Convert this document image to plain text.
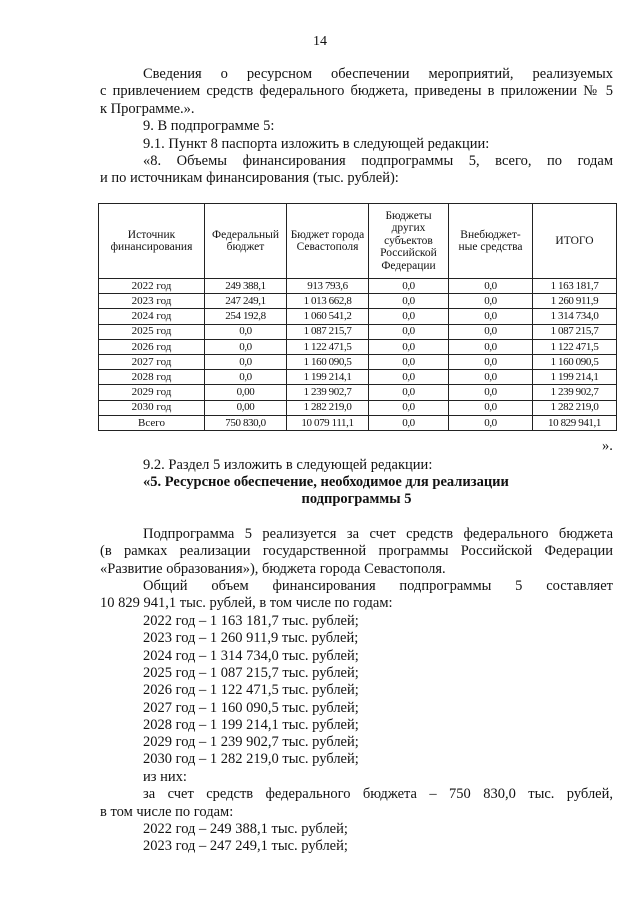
14
Сведения о ресурсном обеспечении мероприятий, реализуемых
с привлечением средств федерального бюджета, приведены в приложении № 5
к Программе.».
9. В подпрограмме 5:
9.1. Пункт 8 паспорта изложить в следующей редакции:
«8. Объемы финансирования подпрограммы 5, всего, по годам
и по источникам финансирования (тыс. рублей):
Источник финансирования	Федеральный бюджет	Бюджет города Севастополя	Бюджеты других субъектов Российской Федерации	Внебюджет-ные средства	ИТОГО
2022 год	249 388,1	913 793,6	0,0	0,0	1 163 181,7
2023 год	247 249,1	1 013 662,8	0,0	0,0	1 260 911,9
2024 год	254 192,8	1 060 541,2	0,0	0,0	1 314 734,0
2025 год	0,0	1 087 215,7	0,0	0,0	1 087 215,7
2026 год	0,0	1 122 471,5	0,0	0,0	1 122 471,5
2027 год	0,0	1 160 090,5	0,0	0,0	1 160 090,5
2028 год	0,0	1 199 214,1	0,0	0,0	1 199 214,1
2029 год	0,00	1 239 902,7	0,0	0,0	1 239 902,7
2030 год	0,00	1 282 219,0	0,0	0,0	1 282 219,0
Всего	750 830,0	10 079 111,1	0,0	0,0	10 829 941,1
».
9.2. Раздел 5 изложить в следующей редакции:
«5. Ресурсное обеспечение, необходимое для реализации
подпрограммы 5
Подпрограмма 5 реализуется за счет средств федерального бюджета
(в рамках реализации государственной программы Российской Федерации
«Развитие образования»), бюджета города Севастополя.
Общий объем финансирования подпрограммы 5 составляет
10 829 941,1 тыс. рублей, в том числе по годам:
2022 год – 1 163 181,7 тыс. рублей;
2023 год – 1 260 911,9 тыс. рублей;
2024 год – 1 314 734,0 тыс. рублей;
2025 год – 1 087 215,7 тыс. рублей;
2026 год – 1 122 471,5 тыс. рублей;
2027 год – 1 160 090,5 тыс. рублей;
2028 год – 1 199 214,1 тыс. рублей;
2029 год – 1 239 902,7 тыс. рублей;
2030 год – 1 282 219,0 тыс. рублей;
из них:
за счет средств федерального бюджета – 750 830,0 тыс. рублей,
в том числе по годам:
2022 год – 249 388,1 тыс. рублей;
2023 год – 247 249,1 тыс. рублей;
